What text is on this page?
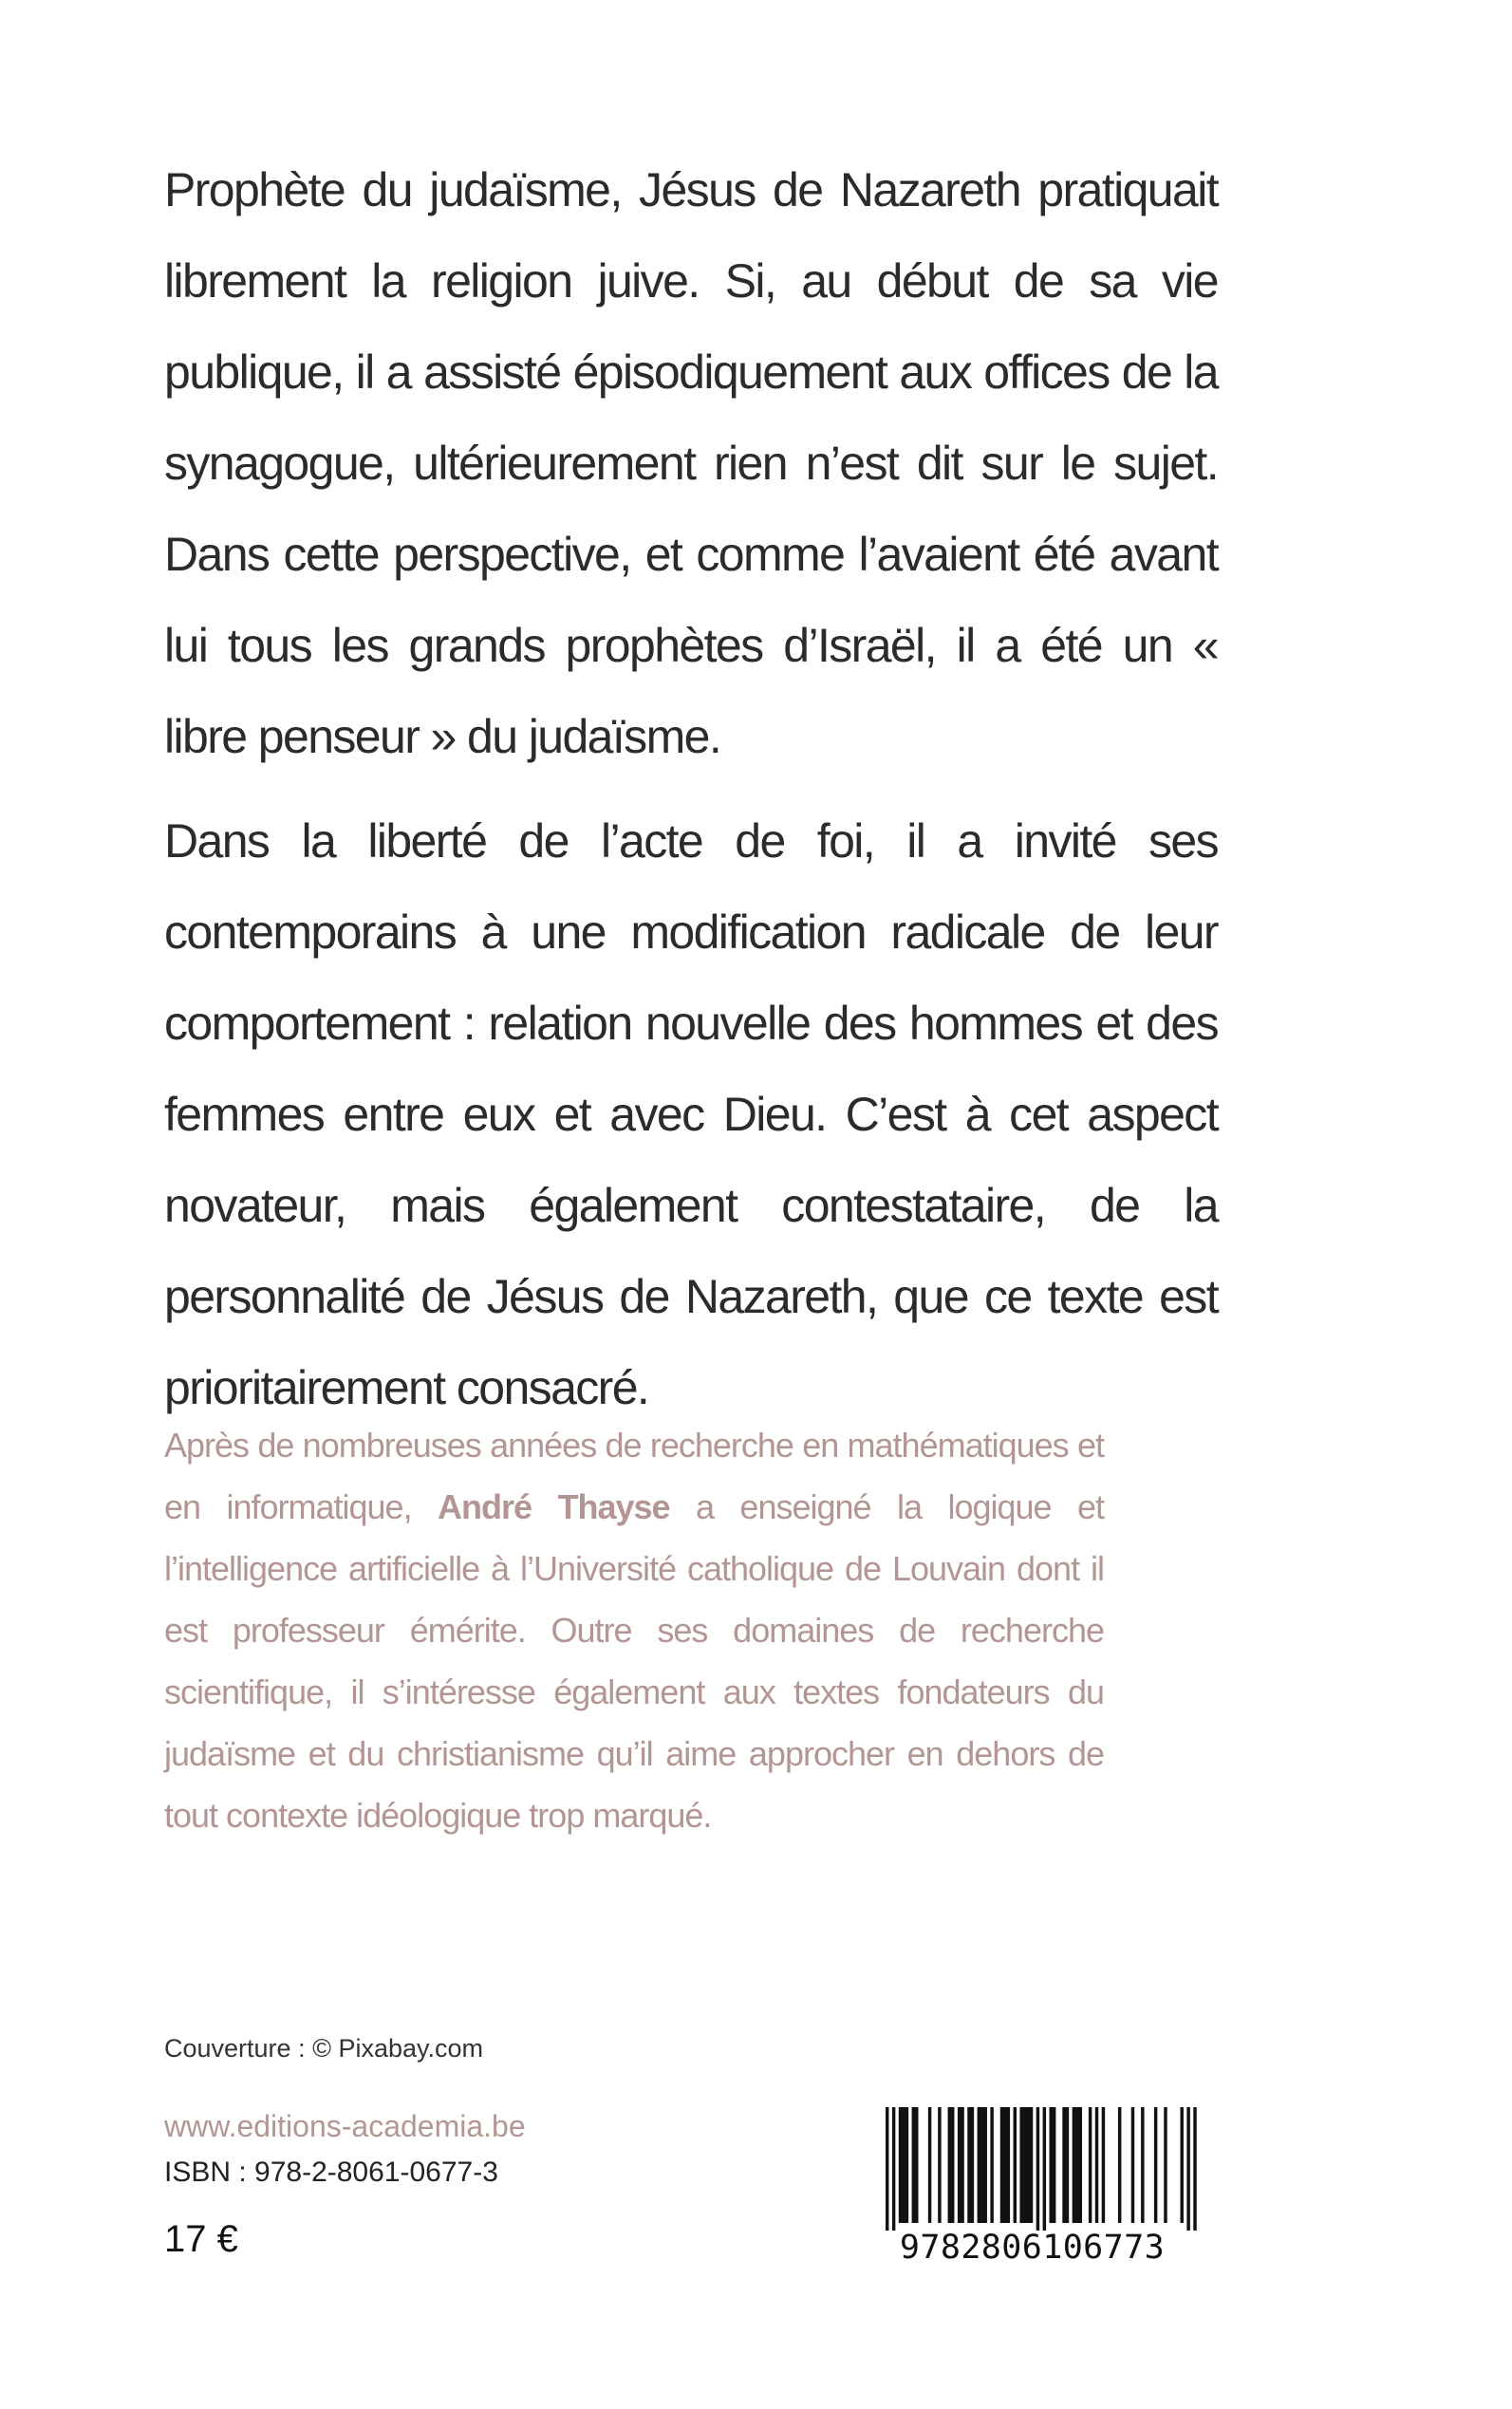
Prophète du judaïsme, Jésus de Nazareth pratiquait librement la religion juive. Si, au début de sa vie publique, il a assisté épisodiquement aux offices de la synagogue, ultérieurement rien n’est dit sur le sujet. Dans cette perspective, et comme l’avaient été avant lui tous les grands prophètes d’Israël, il a été un « libre penseur » du judaïsme.

Dans la liberté de l’acte de foi, il a invité ses contemporains à une modification radicale de leur comportement : relation nouvelle des hommes et des femmes entre eux et avec Dieu. C’est à cet aspect novateur, mais également contestataire, de la personnalité de Jésus de Nazareth, que ce texte est prioritairement consacré.

Après de nombreuses années de recherche en mathématiques et en informatique, André Thayse a enseigné la logique et l’intelligence artificielle à l’Université catholique de Louvain dont il est professeur émérite. Outre ses domaines de recherche scientifique, il s’intéresse également aux textes fondateurs du judaïsme et du christianisme qu’il aime approcher en dehors de tout contexte idéologique trop marqué.

Couverture : © Pixabay.com
www.editions-academia.be
ISBN : 978-2-8061-0677-3
17 €	9782806106773
